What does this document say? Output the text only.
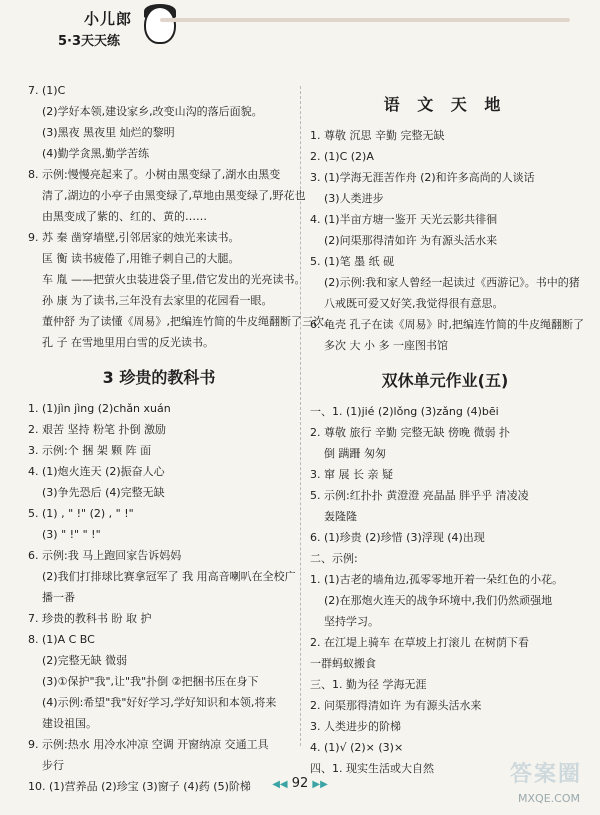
小儿郎
5·3天天练
7. (1)C
(2)学好本领,建设家乡,改变山沟的落后面貌。
(3)黑夜 黑夜里 灿烂的黎明
(4)勤学贪黑,勤学苦练
8. 示例:慢慢亮起来了。小树由黑变绿了,湖水由黑变
清了,湖边的小亭子由黑变绿了,草地由黑变绿了,野花也
由黑变成了紫的、红的、黄的……
9. 苏 秦 凿穿墙壁,引邻居家的烛光来读书。
匡 衡 读书疲倦了,用锥子刺自己的大腿。
车 胤 ——把萤火虫装进袋子里,借它发出的光亮读书。
孙 康 为了读书,三年没有去家里的花园看一眼。
董仲舒 为了读懂《周易》,把编连竹简的牛皮绳翻断了三次。
孔 子 在雪地里用白雪的反光读书。
3 珍贵的教科书
1. (1)jìn jìng (2)chǎn xuán
2. 艰苦 坚持 粉笔 扑倒 激励
3. 示例:个 捆 架 颗 阵 面
4. (1)炮火连天 (2)振奋人心
(3)争先恐后 (4)完整无缺
5. (1) , " !" (2) , " !"
(3) " !" " !"
6. 示例:我 马上跑回家告诉妈妈
(2)我们打排球比赛拿冠军了 我 用高音喇叭在全校广
播一番
7. 珍贵的教科书 盼 取 护
8. (1)A C BC
(2)完整无缺 微弱
(3)①保护"我",让"我"扑倒 ②把捆书压在身下
(4)示例:希望"我"好好学习,学好知识和本领,将来
建设祖国。
9. 示例:热水 用冷水冲凉 空调 开窗纳凉 交通工具
步行
10. (1)营养品 (2)珍宝 (3)窗子 (4)药 (5)阶梯
语 文 天 地
1. 尊敬 沉思 辛勤 完整无缺
2. (1)C (2)A
3. (1)学海无涯苦作舟 (2)和许多高尚的人谈话
(3)人类进步
4. (1)半亩方塘一鉴开 天光云影共徘徊
(2)问渠那得清如许 为有源头活水来
5. (1)笔 墨 纸 砚
(2)示例:我和家人曾经一起读过《西游记》。书中的猪
八戒既可爱又好笑,我觉得很有意思。
6. 龟壳 孔子在读《周易》时,把编连竹简的牛皮绳翻断了
多次 大 小 多 一座图书馆
双休单元作业(五)
一、1. (1)jié (2)lǒng (3)zǎng (4)bēi
2. 尊敬 旅行 辛勤 完整无缺 傍晚 微弱 扑
倒 蹒跚 匆匆
3. 窜 展 长 亲 疑
5. 示例:红扑扑 黄澄澄 亮晶晶 胖乎乎 清凌凌
轰隆隆
6. (1)珍贵 (2)珍惜 (3)浮现 (4)出现
二、示例:
1. (1)古老的墙角边,孤零零地开着一朵红色的小花。
(2)在那炮火连天的战争环境中,我们仍然顽强地
坚持学习。
2. 在江堤上骑车 在草坡上打滚儿 在树荫下看
一群蚂蚁搬食
三、1. 勤为径 学海无涯
2. 问渠那得清如许 为有源头活水来
3. 人类进步的阶梯
4. (1)√ (2)× (3)×
四、1. 现实生活或大自然
◀◀ 92 ▶▶	答案圈
MXQE.COM
